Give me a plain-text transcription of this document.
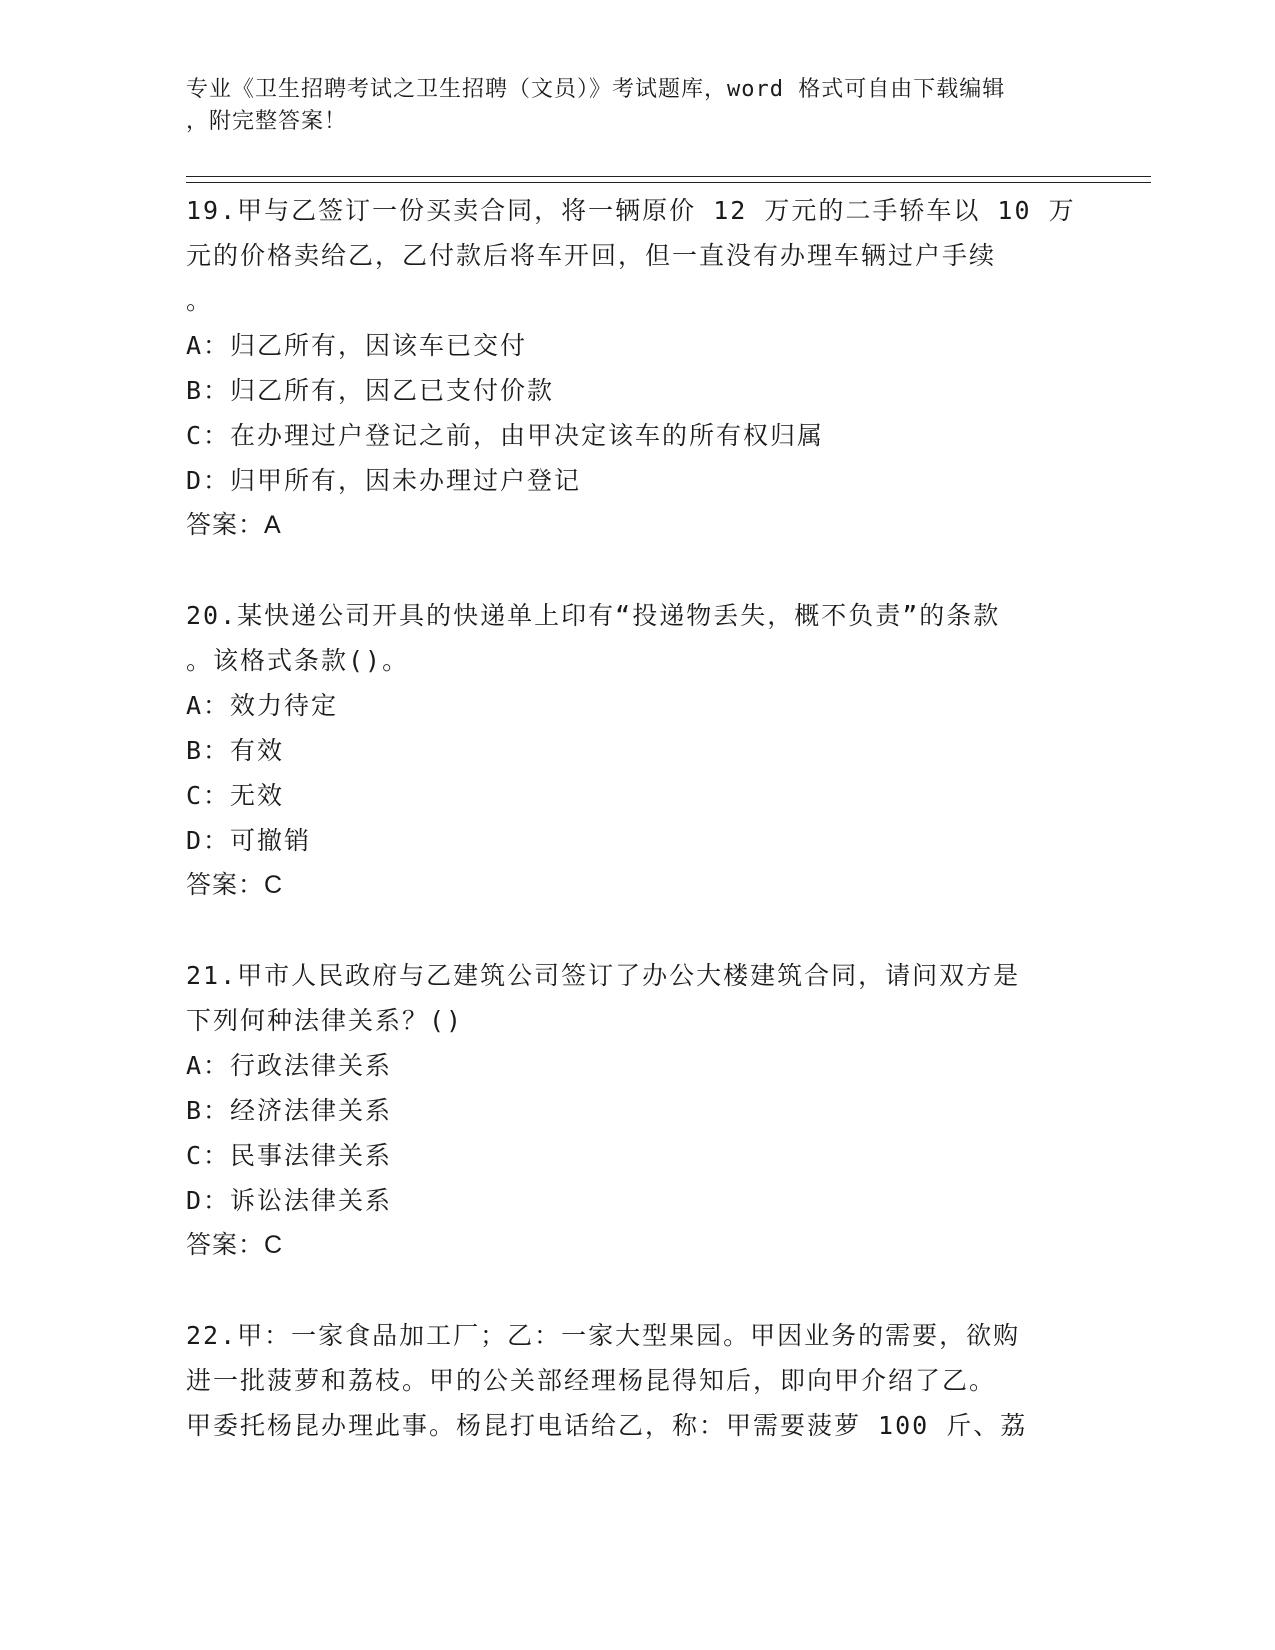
专业《卫生招聘考试之卫生招聘（文员）》考试题库，word 格式可自由下载编辑
，附完整答案！

19.甲与乙签订一份买卖合同，将一辆原价 12 万元的二手轿车以 10 万

元的价格卖给乙，乙付款后将车开回，但一直没有办理车辆过户手续

。

A：归乙所有，因该车已交付

B：归乙所有，因乙已支付价款

C：在办理过户登记之前，由甲决定该车的所有权归属

D：归甲所有，因未办理过户登记

答案：A

20.某快递公司开具的快递单上印有“投递物丢失，概不负责”的条款

。该格式条款()。

A：效力待定

B：有效

C：无效

D：可撤销

答案：C

21.甲市人民政府与乙建筑公司签订了办公大楼建筑合同，请问双方是

下列何种法律关系？()

A：行政法律关系

B：经济法律关系

C：民事法律关系

D：诉讼法律关系

答案：C

22.甲：一家食品加工厂；乙：一家大型果园。甲因业务的需要，欲购

进一批菠萝和荔枝。甲的公关部经理杨昆得知后，即向甲介绍了乙。

甲委托杨昆办理此事。杨昆打电话给乙，称：甲需要菠萝 100 斤、荔
